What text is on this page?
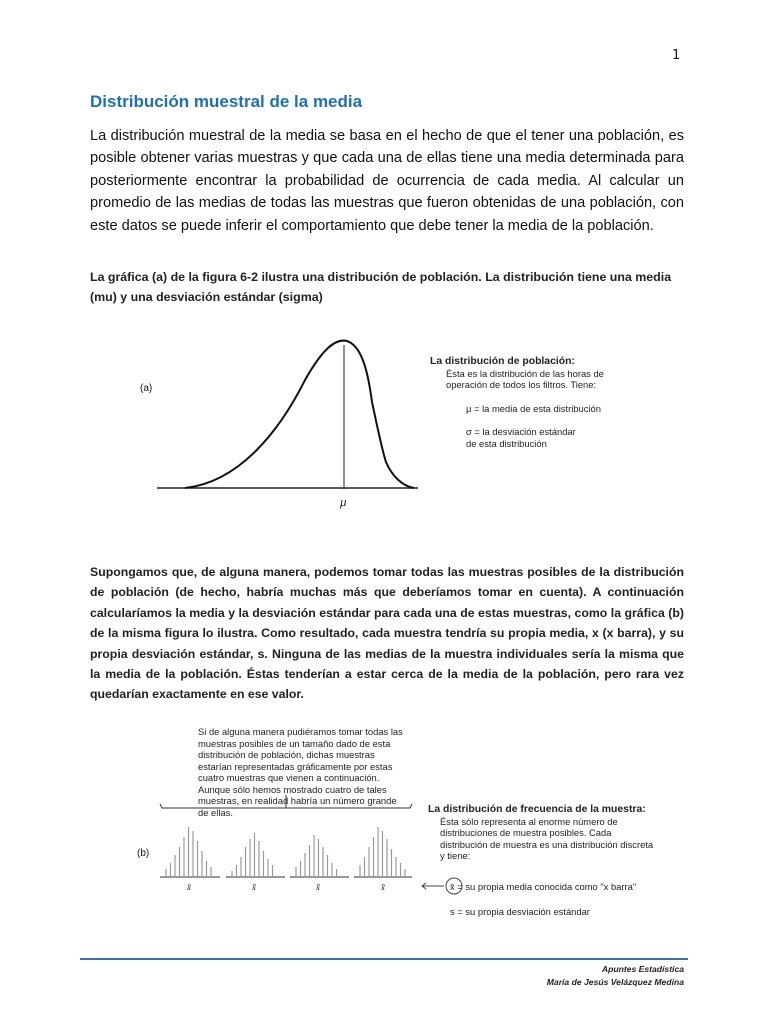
1
Distribución muestral de la media
La distribución muestral de la media se basa en el hecho de que el tener una población, es posible obtener varias muestras y que cada una de ellas tiene una media determinada para posteriormente encontrar la probabilidad de ocurrencia de cada media. Al calcular un promedio de las medias de todas las muestras que fueron obtenidas de una población, con este datos se puede inferir el comportamiento que debe tener la media de la población.
La gráfica (a) de la figura 6-2 ilustra una distribución de población. La distribución tiene una media (mu) y una desviación estándar (sigma)
(a)
μ
La distribución de población:
Ésta es la distribución de las horas de operación de todos los filtros. Tiene:
μ = la media de esta distribución
σ = la desviación estándar de esta distribución
Supongamos que, de alguna manera, podemos tomar todas las muestras posibles de la distribución de población (de hecho, habría muchas más que deberíamos tomar en cuenta). A continuación calcularíamos la media y la desviación estándar para cada una de estas muestras, como la gráfica (b) de la misma figura lo ilustra. Como resultado, cada muestra tendría su propia media, x (x barra), y su propia desviación estándar, s. Ninguna de las medias de la muestra individuales sería la misma que la media de la población. Éstas tenderían a estar cerca de la media de la población, pero rara vez quedarían exactamente en ese valor.
Si de alguna manera pudiéramos tomar todas las muestras posibles de un tamaño dado de esta distribución de población, dichas muestras estarían representadas gráficamente por estas cuatro muestras que vienen a continuación. Aunque sólo hemos mostrado cuatro de tales muestras, en realidad habría un número grande de ellas.
(b)
x̄	x̄	x̄	x̄
La distribución de frecuencia de la muestra:
Ésta sólo representa al enorme número de distribuciones de muestra posibles. Cada distribución de muestra es una distribución discreta y tiene:
x̄ = su propia media conocida como "x barra"
s = su propia desviación estándar
Apuntes Estadística
María de Jesús Velázquez Medina
